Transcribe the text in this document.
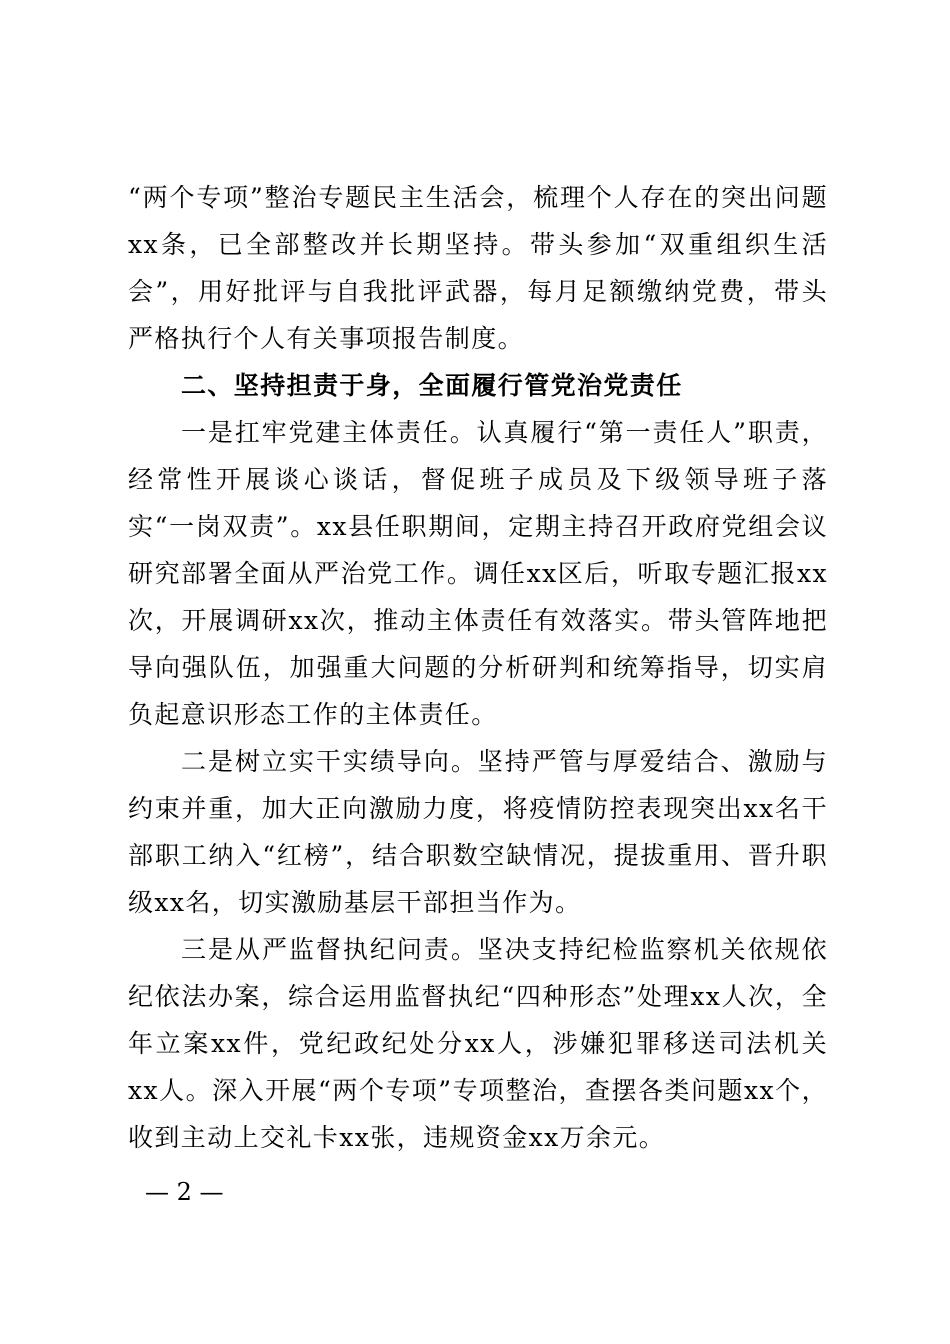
“两个专项”整治专题民主生活会，梳理个人存在的突出问题xx条，已全部整改并长期坚持。带头参加“双重组织生活会”，用好批评与自我批评武器，每月足额缴纳党费，带头严格执行个人有关事项报告制度。

二、坚持担责于身，全面履行管党治党责任

一是扛牢党建主体责任。认真履行“第一责任人”职责，经常性开展谈心谈话，督促班子成员及下级领导班子落实“一岗双责”。xx县任职期间，定期主持召开政府党组会议研究部署全面从严治党工作。调任xx区后，听取专题汇报xx次，开展调研xx次，推动主体责任有效落实。带头管阵地把导向强队伍，加强重大问题的分析研判和统筹指导，切实肩负起意识形态工作的主体责任。

二是树立实干实绩导向。坚持严管与厚爱结合、激励与约束并重，加大正向激励力度，将疫情防控表现突出xx名干部职工纳入“红榜”，结合职数空缺情况，提拔重用、晋升职级xx名，切实激励基层干部担当作为。

三是从严监督执纪问责。坚决支持纪检监察机关依规依纪依法办案，综合运用监督执纪“四种形态”处理xx人次，全年立案xx件，党纪政纪处分xx人，涉嫌犯罪移送司法机关xx人。深入开展“两个专项”专项整治，查摆各类问题xx个，收到主动上交礼卡xx张，违规资金xx万余元。

— 2 —
